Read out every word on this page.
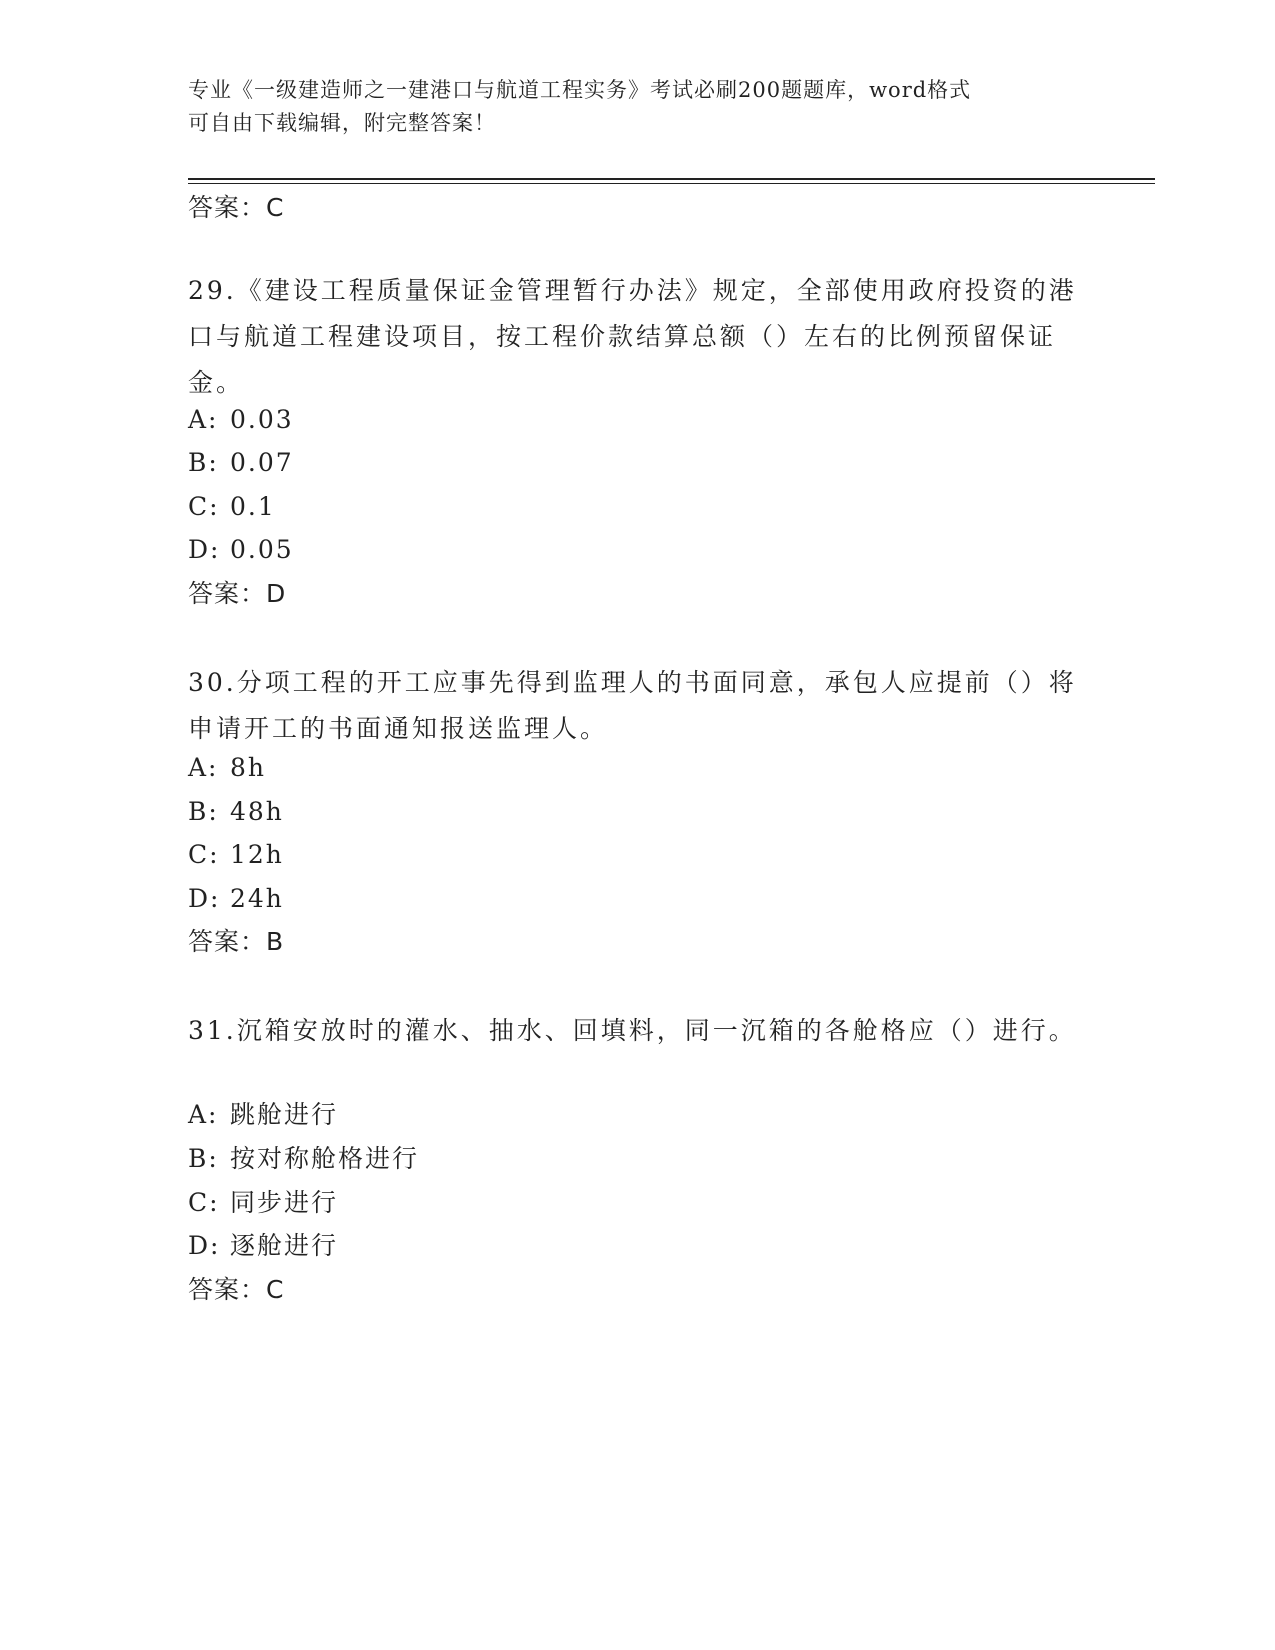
专业《一级建造师之一建港口与航道工程实务》考试必刷200题题库，word格式
可自由下载编辑，附完整答案！
答案：C
29.《建设工程质量保证金管理暂行办法》规定，全部使用政府投资的港口与航道工程建设项目，按工程价款结算总额（）左右的比例预留保证金。
A: 0.03
B: 0.07
C: 0.1
D: 0.05
答案：D
30.分项工程的开工应事先得到监理人的书面同意，承包人应提前（）将申请开工的书面通知报送监理人。
A: 8h
B: 48h
C: 12h
D: 24h
答案：B
31.沉箱安放时的灌水、抽水、回填料，同一沉箱的各舱格应（）进行。
A: 跳舱进行
B: 按对称舱格进行
C: 同步进行
D: 逐舱进行
答案：C
